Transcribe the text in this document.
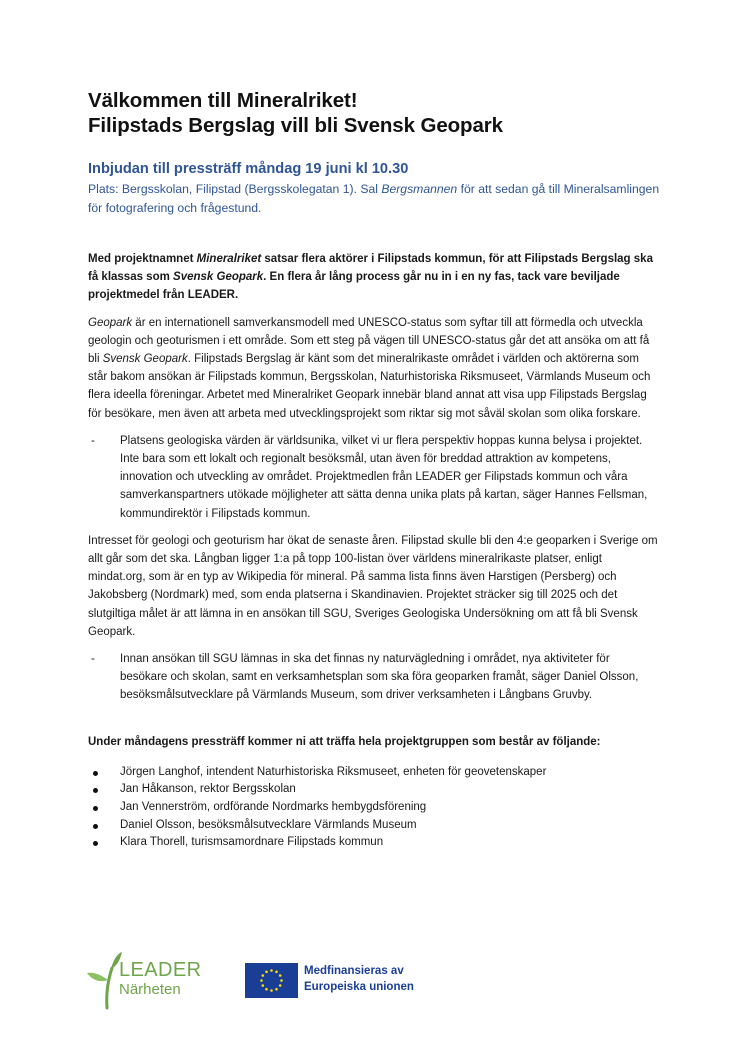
Välkommen till Mineralriket!
Filipstads Bergslag vill bli Svensk Geopark
Inbjudan till pressträff måndag 19 juni kl 10.30
Plats: Bergsskolan, Filipstad (Bergsskolegatan 1). Sal Bergsmannen för att sedan gå till Mineralsamlingen för fotografering och frågestund.

Med projektnamnet Mineralriket satsar flera aktörer i Filipstads kommun, för att Filipstads Bergslag ska få klassas som Svensk Geopark. En flera år lång process går nu in i en ny fas, tack vare beviljade projektmedel från LEADER.

Geopark är en internationell samverkansmodell med UNESCO-status som syftar till att förmedla och utveckla geologin och geoturismen i ett område. Som ett steg på vägen till UNESCO-status går det att ansöka om att få bli Svensk Geopark. Filipstads Bergslag är känt som det mineralrikaste området i världen och aktörerna som står bakom ansökan är Filipstads kommun, Bergsskolan, Naturhistoriska Riksmuseet, Värmlands Museum och flera ideella föreningar. Arbetet med Mineralriket Geopark innebär bland annat att visa upp Filipstads Bergslag för besökare, men även att arbeta med utvecklingsprojekt som riktar sig mot såväl skolan som olika forskare.

- Platsens geologiska värden är världsunika, vilket vi ur flera perspektiv hoppas kunna belysa i projektet. Inte bara som ett lokalt och regionalt besöksmål, utan även för breddad attraktion av kompetens, innovation och utveckling av området. Projektmedlen från LEADER ger Filipstads kommun och våra samverkanspartners utökade möjligheter att sätta denna unika plats på kartan, säger Hannes Fellsman, kommundirektör i Filipstads kommun.

Intresset för geologi och geoturism har ökat de senaste åren. Filipstad skulle bli den 4:e geoparken i Sverige om allt går som det ska. Långban ligger 1:a på topp 100-listan över världens mineralrikaste platser, enligt mindat.org, som är en typ av Wikipedia för mineral. På samma lista finns även Harstigen (Persberg) och Jakobsberg (Nordmark) med, som enda platserna i Skandinavien. Projektet sträcker sig till 2025 och det slutgiltiga målet är att lämna in en ansökan till SGU, Sveriges Geologiska Undersökning om att få bli Svensk Geopark.

- Innan ansökan till SGU lämnas in ska det finnas ny naturvägledning i området, nya aktiviteter för besökare och skolan, samt en verksamhetsplan som ska föra geoparken framåt, säger Daniel Olsson, besöksmålsutvecklare på Värmlands Museum, som driver verksamheten i Långbans Gruvby.

Under måndagens pressträff kommer ni att träffa hela projektgruppen som består av följande:

Jörgen Langhof, intendent Naturhistoriska Riksmuseet, enheten för geovetenskaper
Jan Håkanson, rektor Bergsskolan
Jan Vennerström, ordförande Nordmarks hembygdsförening
Daniel Olsson, besöksmålsutvecklare Värmlands Museum
Klara Thorell, turismsamordnare Filipstads kommun
LEADER
Närheten
Medfinansieras av
Europeiska unionen
